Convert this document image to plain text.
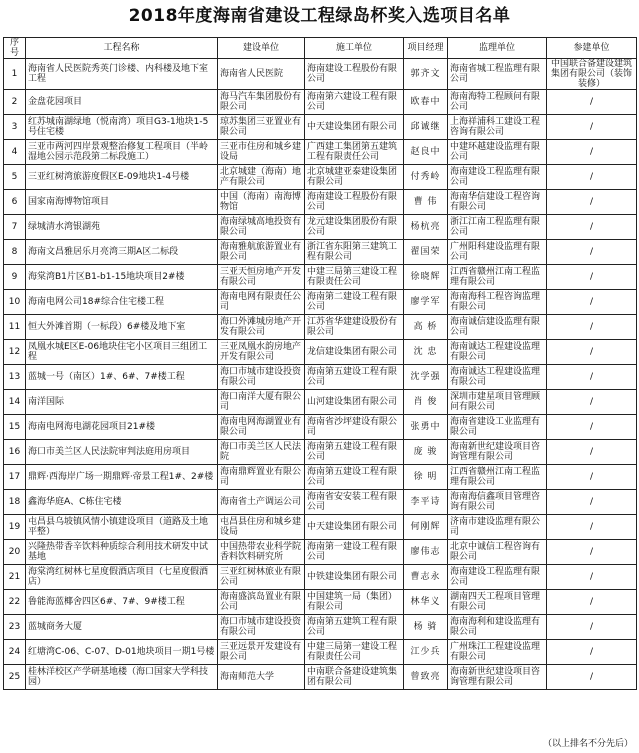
2018年度海南省建设工程绿岛杯奖入选项目名单
序号	工程名称	建设单位	施工单位	项目经理	监理单位	参建单位
1	海南省人民医院秀英门诊楼、内科楼及地下室工程	海南省人民医院	海南建设工程股份有限公司	郭齐文	海南省城工程监理有限公司	中国联合备建设建筑集团有限公司（装饰装修）
2	金盘花园项目	海马汽车集团股份有限公司	海南第六建设工程有限公司	欧春中	海南海特工程顾问有限公司	/
3	红苏城南湖绿地（悦南湾）项目G3-1地块1-5号住宅楼	琼苏集团三亚置业有限公司	中天建设集团有限公司	邱诚继	上海祥浦科工建设工程咨询有限公司	/
4	三亚市两河四岸景观整治修复工程项目（半岭湿地公园示范段第二标段施工）	三亚市住房和城乡建设局	广西建工集团第五建筑工程有限责任公司	赵良中	中建环越建设监理有限公司	/
5	三亚红树湾旅游度假区E-09地块1-4号楼	北京城建（海南）地产有限公司	北京城建亚泰建设集团有限公司	付秀岭	海南建设工程监理有限公司	/
6	国家南海博物馆项目	中国（海南）南海博物馆	海南建设工程股份有限公司	曹 伟	海南华信建设工程咨询有限公司	/
7	绿城清水湾银湖苑	海南绿城高地投资有限公司	龙元建设集团股份有限公司	杨杭亮	浙江江南工程监理有限公司	/
8	海南文昌雅居乐月亮湾三期A区二标段	海南雅航旅游置业有限公司	浙江省东阳第三建筑工程有限公司	翟国荣	广州阳科建设监理有限公司	/
9	海棠湾B1片区B1-b1-15地块项目2#楼	三亚天恒房地产开发有限公司	中建三局第三建设工程有限责任公司	徐晓辉	江西省赣州江南工程监理有限公司	/
10	海南电网公司18#综合住宅楼工程	海南电网有限责任公司	海南第二建设工程有限公司	廖学军	海南海科工程咨询监理有限公司	/
11	恒大外滩首期（一标段）6#楼及地下室	海口外滩城房地产开发有限公司	江苏省华建建设股份有限公司	高 桥	海南诚信建设监理有限公司	/
12	凤凰水城E区E-06地块住宅小区项目三组团工程	三亚凤凰水韵房地产开发有限公司	龙信建设集团有限公司	沈 忠	海南诚达工程建设监理有限公司	/
13	蓝城一号（南区）1#、6#、7#楼工程	海口市城市建设投资有限公司	海南第五建设工程有限公司	沈学强	海南诚达工程建设监理有限公司	/
14	南洋国际	海口南洋大厦有限公司	山河建设集团有限公司	肖 俊	深圳市建星项目管理顾问有限公司	/
15	海南电网海电湖花园项目21#楼	海南电网海湖置业有限公司	海南省沙坪建设有限公司	张勇中	海南省建设工业监理有限公司	/
16	海口市美兰区人民法院审判法庭用房项目	海口市美兰区人民法院	海南第五建设工程有限公司	庞 骏	海南新世纪建设项目咨询管理有限公司	/
17	鼎辉·西海岸广场一期鼎辉·帝景工程1#、2#楼	海南鼎辉置业有限公司	海南第五建设工程有限公司	徐 明	江西省赣州江南工程监理有限公司	/
18	鑫海华庭A、C栋住宅楼	海南省土产调运公司	海南省安安装工程有限公司	李平诗	海南海信鑫项目管理咨询有限公司	/
19	屯昌县乌坡镇风情小镇建设项目（道路及土地平整）	屯昌县住房和城乡建设局	中天建设集团有限公司	何刚辉	济南市建设监理有限公司	/
20	兴隆热带香辛饮料种质综合利用技术研发中试基地	中国热带农业科学院香料饮料研究所	海南第一建设工程有限公司	廖伟志	北京中诚信工程咨询有限公司	/
21	海棠湾红树林七星度假酒店项目（七星度假酒店）	三亚红树林旅业有限公司	中铁建设集团有限公司	曹志永	海南建设工程监理有限公司	/
22	鲁能海蓝椰舍四区6#、7#、9#楼工程	海南盛滨岛置业有限公司	中国建筑一局（集团）有限公司	林华义	湖南四天工程项目管理有限公司	/
23	蓝城商务大厦	海口市城市建设投资有限公司	海南第五建筑工程有限公司	杨 骑	海南海利和建设监理有限公司	/
24	红塘湾C-06、C-07、D-01地块项目一期1号楼	三亚远景开发建设有限公司	中建三局第一建设工程有限责任公司	江少兵	广州珠江工程建设监理有限公司	/
25	桂林洋校区产学研基地楼（海口国家大学科技园）	海南师范大学	中南联合备建设建筑集团有限公司	曾致亮	海南新世纪建设项目咨询管理有限公司	/
（以上排名不分先后）
